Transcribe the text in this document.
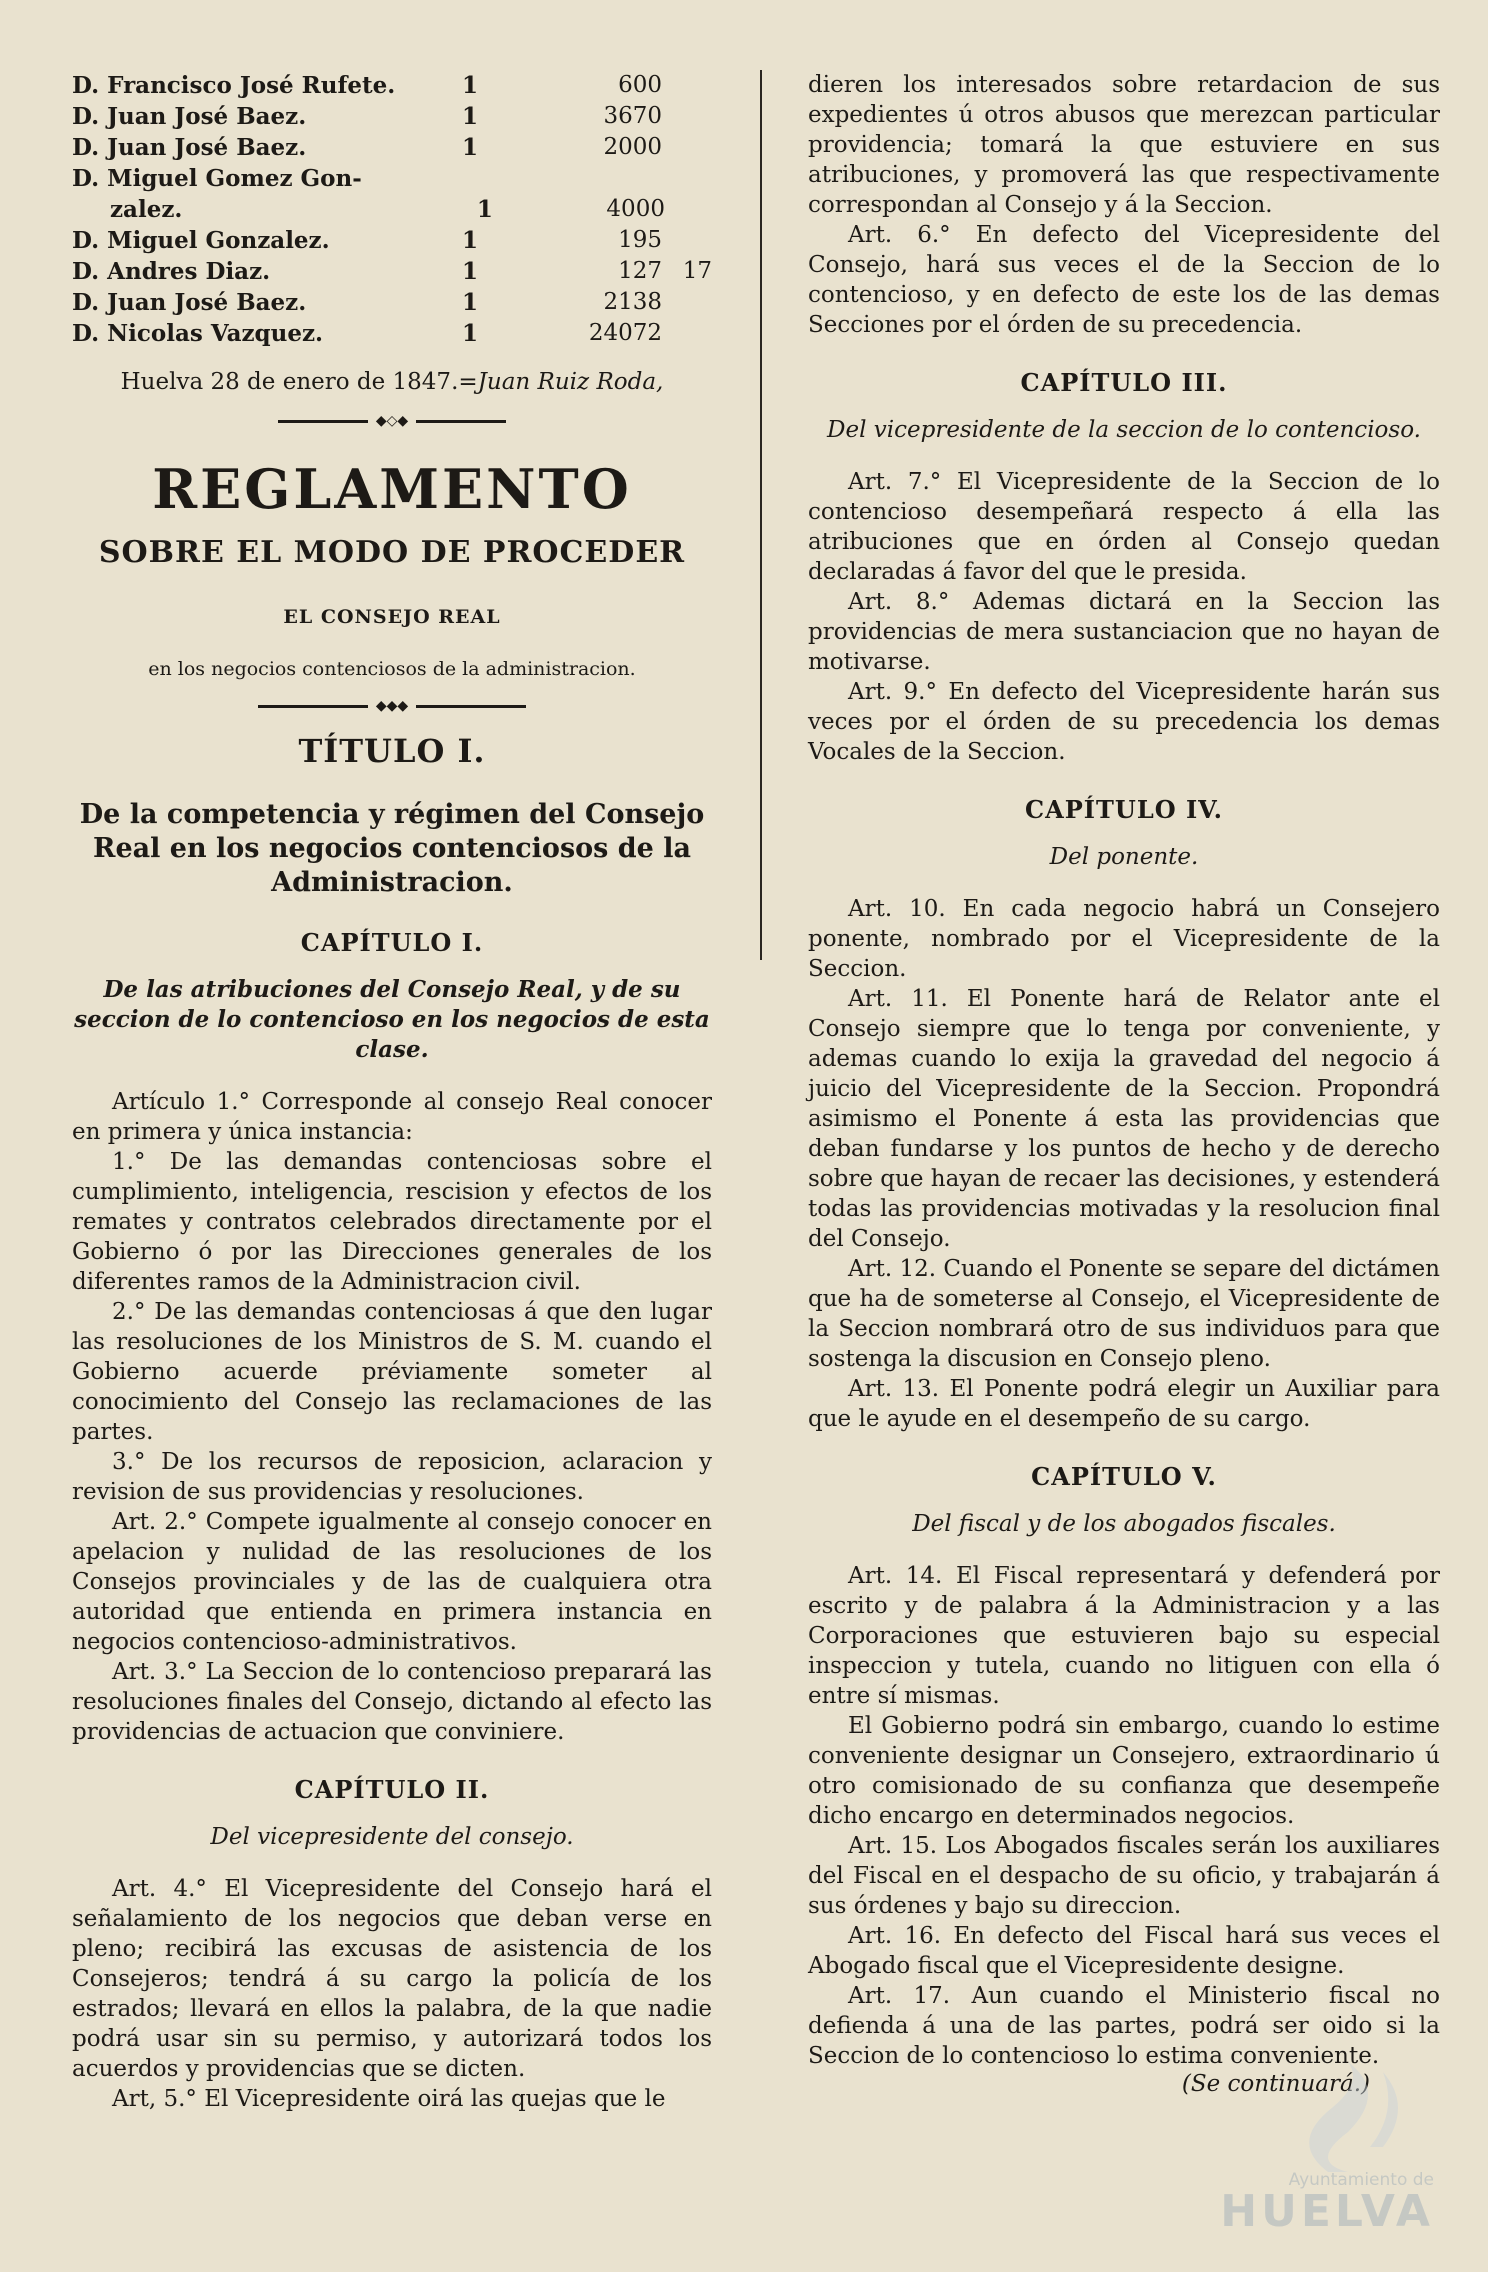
D. Francisco José Rufete.	1	600
D. Juan José Baez.	1	3670
D. Juan José Baez.	1	2000
D. Miguel Gomez Gon-
zalez.	1	4000
D. Miguel Gonzalez.	1	195
D. Andres Diaz.	1	127 17
D. Juan José Baez.	1	2138
D. Nicolas Vazquez.	1	24072
Huelva 28 de enero de 1847.=Juan Ruiz Roda,
◆◇◆
REGLAMENTO
SOBRE EL MODO DE PROCEDER
EL CONSEJO REAL
en los negocios contenciosos de la administracion.
◆◆◆
TÍTULO I.
De la competencia y régimen del Consejo Real en los negocios contenciosos de la Administracion.
CAPÍTULO I.
De las atribuciones del Consejo Real, y de su seccion de lo contencioso en los negocios de esta clase.

Artículo 1.° Corresponde al consejo Real conocer en primera y única instancia:

1.° De las demandas contenciosas sobre el cumplimiento, inteligencia, rescision y efectos de los remates y contratos celebrados directamente por el Gobierno ó por las Direcciones generales de los diferentes ramos de la Administracion civil.

2.° De las demandas contenciosas á que den lugar las resoluciones de los Ministros de S. M. cuando el Gobierno acuerde préviamente someter al conocimiento del Consejo las reclamaciones de las partes.

3.° De los recursos de reposicion, aclaracion y revision de sus providencias y resoluciones.

Art. 2.° Compete igualmente al consejo conocer en apelacion y nulidad de las resoluciones de los Consejos provinciales y de las de cualquiera otra autoridad que entienda en primera instancia en negocios contencioso-administrativos.

Art. 3.° La Seccion de lo contencioso preparará las resoluciones finales del Consejo, dictando al efecto las providencias de actuacion que conviniere.

CAPÍTULO II.
Del vicepresidente del consejo.

Art. 4.° El Vicepresidente del Consejo hará el señalamiento de los negocios que deban verse en pleno; recibirá las excusas de asistencia de los Consejeros; tendrá á su cargo la policía de los estrados; llevará en ellos la palabra, de la que nadie podrá usar sin su permiso, y autorizará todos los acuerdos y providencias que se dicten.

Art, 5.° El Vicepresidente oirá las quejas que le

dieren los interesados sobre retardacion de sus expedientes ú otros abusos que merezcan particular providencia; tomará la que estuviere en sus atribuciones, y promoverá las que respectivamente correspondan al Consejo y á la Seccion.

Art. 6.° En defecto del Vicepresidente del Consejo, hará sus veces el de la Seccion de lo contencioso, y en defecto de este los de las demas Secciones por el órden de su precedencia.

CAPÍTULO III.
Del vicepresidente de la seccion de lo contencioso.

Art. 7.° El Vicepresidente de la Seccion de lo contencioso desempeñará respecto á ella las atribuciones que en órden al Consejo quedan declaradas á favor del que le presida.

Art. 8.° Ademas dictará en la Seccion las providencias de mera sustanciacion que no hayan de motivarse.

Art. 9.° En defecto del Vicepresidente harán sus veces por el órden de su precedencia los demas Vocales de la Seccion.

CAPÍTULO IV.
Del ponente.

Art. 10. En cada negocio habrá un Consejero ponente, nombrado por el Vicepresidente de la Seccion.

Art. 11. El Ponente hará de Relator ante el Consejo siempre que lo tenga por conveniente, y ademas cuando lo exija la gravedad del negocio á juicio del Vicepresidente de la Seccion. Propondrá asimismo el Ponente á esta las providencias que deban fundarse y los puntos de hecho y de derecho sobre que hayan de recaer las decisiones, y estenderá todas las providencias motivadas y la resolucion final del Consejo.

Art. 12. Cuando el Ponente se separe del dictámen que ha de someterse al Consejo, el Vicepresidente de la Seccion nombrará otro de sus individuos para que sostenga la discusion en Consejo pleno.

Art. 13. El Ponente podrá elegir un Auxiliar para que le ayude en el desempeño de su cargo.

CAPÍTULO V.
Del fiscal y de los abogados fiscales.

Art. 14. El Fiscal representará y defenderá por escrito y de palabra á la Administracion y a las Corporaciones que estuvieren bajo su especial inspeccion y tutela, cuando no litiguen con ella ó entre sí mismas.

El Gobierno podrá sin embargo, cuando lo estime conveniente designar un Consejero, extraordinario ú otro comisionado de su confianza que desempeñe dicho encargo en determinados negocios.

Art. 15. Los Abogados fiscales serán los auxiliares del Fiscal en el despacho de su oficio, y trabajarán á sus órdenes y bajo su direccion.

Art. 16. En defecto del Fiscal hará sus veces el Abogado fiscal que el Vicepresidente designe.

Art. 17. Aun cuando el Ministerio fiscal no defienda á una de las partes, podrá ser oido si la Seccion de lo contencioso lo estima conveniente.

(Se continuará.)
Ayuntamiento de
HUELVA
